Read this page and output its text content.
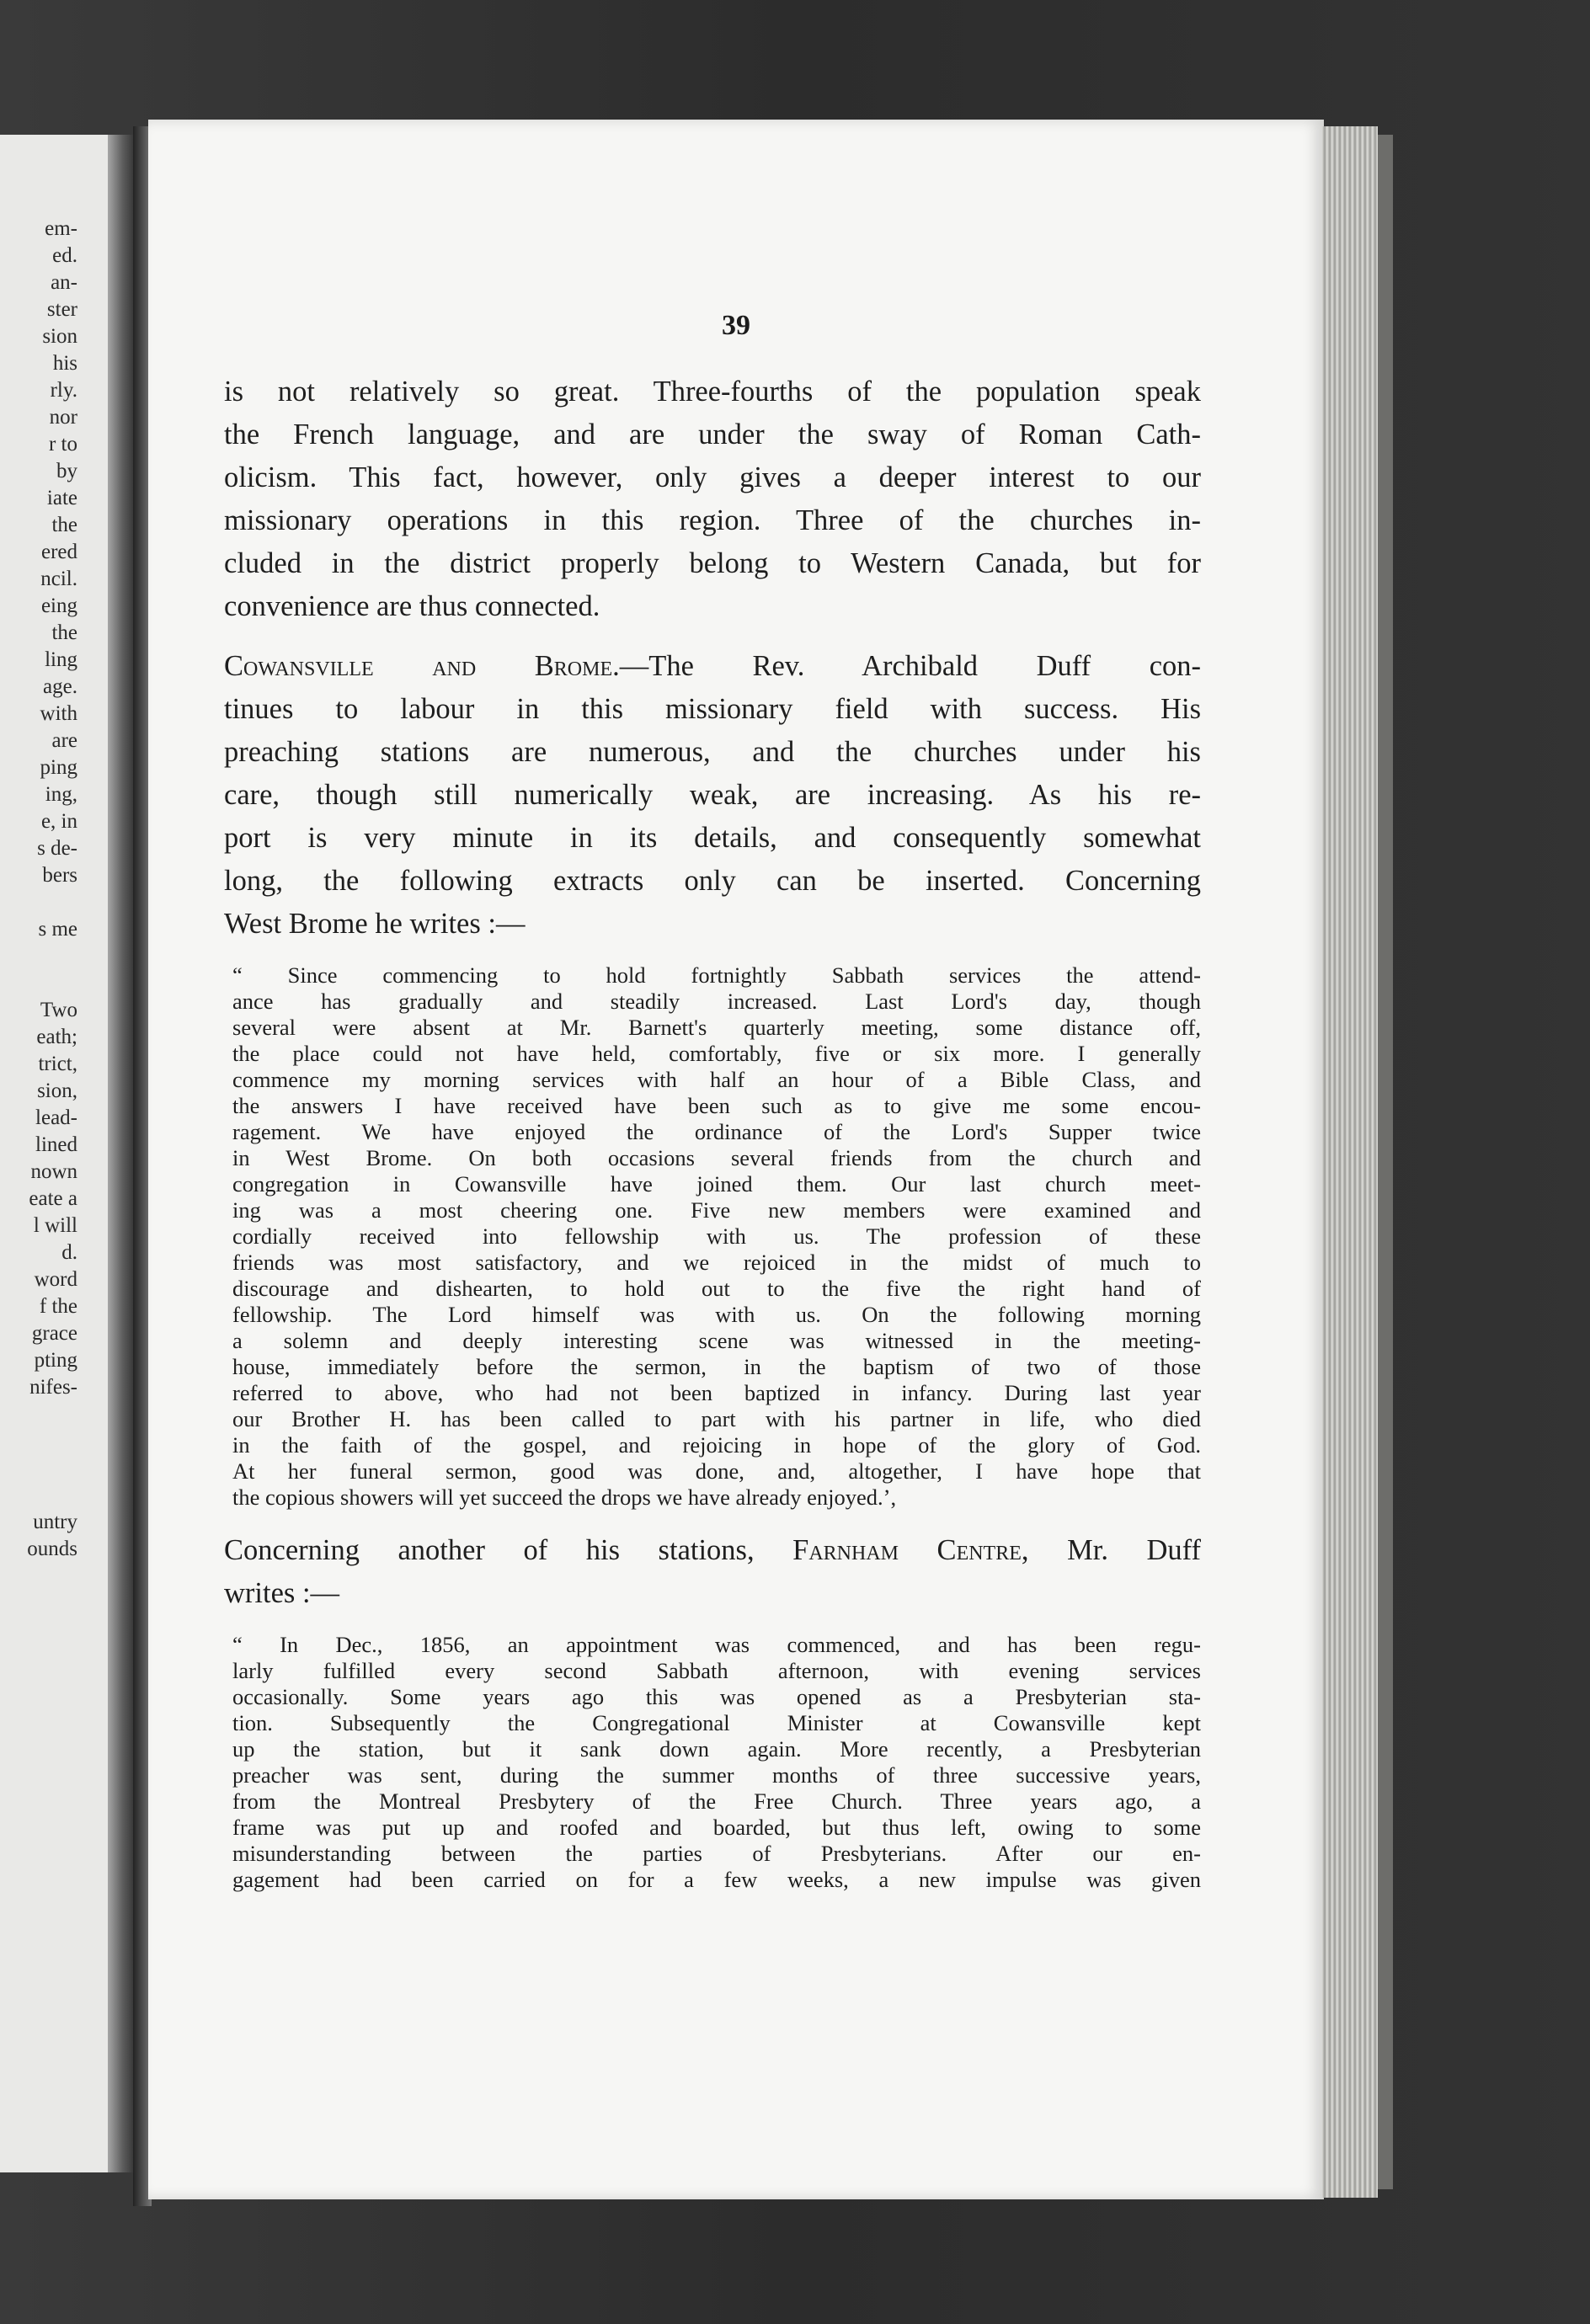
em-
ed.
an-
ster
sion
his
rly.
nor
r to
by
iate
the
ered
ncil.
eing
the
ling
age.
with
are
ping
ing,
e, in
s de-
bers
s me
Two
eath;
trict,
sion,
lead-
lined
nown
eate a
l will
d.
word
f the
grace
pting
nifes-
untry
ounds
39

is not relatively so great. Three-fourths of the population speak

the French language, and are under the sway of Roman Cath-

olicism. This fact, however, only gives a deeper interest to our

missionary operations in this region. Three of the churches in-

cluded in the district properly belong to Western Canada, but for

convenience are thus connected.

Cowansville and Brome.—The Rev. Archibald Duff con-

tinues to labour in this missionary field with success. His

preaching stations are numerous, and the churches under his

care, though still numerically weak, are increasing. As his re-

port is very minute in its details, and consequently somewhat

long, the following extracts only can be inserted. Concerning

West Brome he writes :—

“ Since commencing to hold fortnightly Sabbath services the attend-

ance has gradually and steadily increased. Last Lord's day, though

several were absent at Mr. Barnett's quarterly meeting, some distance off,

the place could not have held, comfortably, five or six more. I generally

commence my morning services with half an hour of a Bible Class, and

the answers I have received have been such as to give me some encou-

ragement. We have enjoyed the ordinance of the Lord's Supper twice

in West Brome. On both occasions several friends from the church and

congregation in Cowansville have joined them. Our last church meet-

ing was a most cheering one. Five new members were examined and

cordially received into fellowship with us. The profession of these

friends was most satisfactory, and we rejoiced in the midst of much to

discourage and dishearten, to hold out to the five the right hand of

fellowship. The Lord himself was with us. On the following morning

a solemn and deeply interesting scene was witnessed in the meeting-

house, immediately before the sermon, in the baptism of two of those

referred to above, who had not been baptized in infancy. During last year

our Brother H. has been called to part with his partner in life, who died

in the faith of the gospel, and rejoicing in hope of the glory of God.

At her funeral sermon, good was done, and, altogether, I have hope that

the copious showers will yet succeed the drops we have already enjoyed.’,

Concerning another of his stations, Farnham Centre, Mr. Duff

writes :—

“ In Dec., 1856, an appointment was commenced, and has been regu-

larly fulfilled every second Sabbath afternoon, with evening services

occasionally. Some years ago this was opened as a Presbyterian sta-

tion. Subsequently the Congregational Minister at Cowansville kept

up the station, but it sank down again. More recently, a Presbyterian

preacher was sent, during the summer months of three successive years,

from the Montreal Presbytery of the Free Church. Three years ago, a

frame was put up and roofed and boarded, but thus left, owing to some

misunderstanding between the parties of Presbyterians. After our en-

gagement had been carried on for a few weeks, a new impulse was given
